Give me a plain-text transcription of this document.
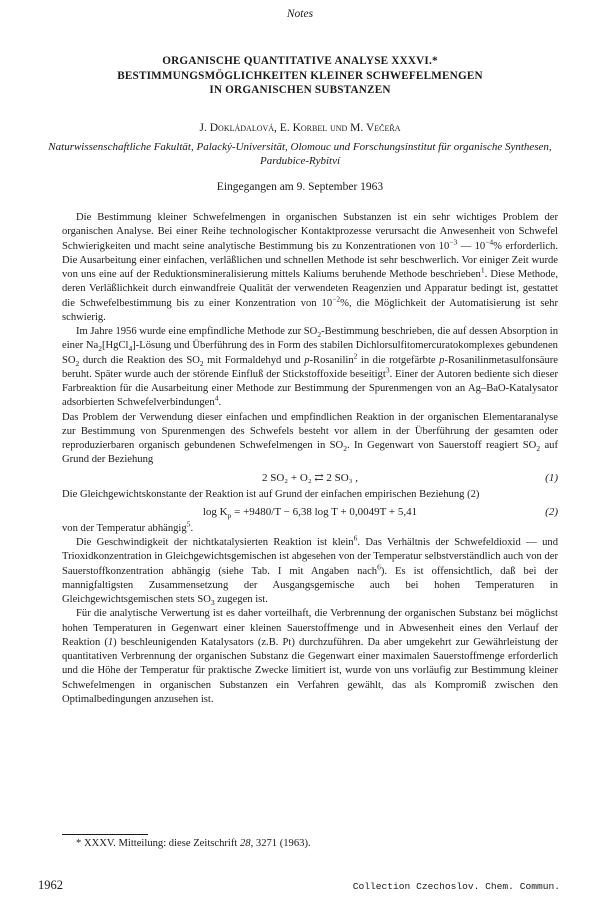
Notes
ORGANISCHE QUANTITATIVE ANALYSE XXXVI.*
BESTIMMUNGSMÖGLICHKEITEN KLEINER SCHWEFELMENGEN
IN ORGANISCHEN SUBSTANZEN
J. Dokládalová, E. Korbel und M. Večeřa
Naturwissenschaftliche Fakultät, Palacký-Universität, Olomouc und Forschungsinstitut für organische Synthesen, Pardubice-Rybitví
Eingegangen am 9. September 1963

Die Bestimmung kleiner Schwefelmengen in organischen Substanzen ist ein sehr wichtiges Problem der organischen Analyse. Bei einer Reihe technologischer Kontaktprozesse verursacht die Anwesenheit von Schwefel Schwierigkeiten und macht seine analytische Bestimmung bis zu Konzentrationen von $10^{-3}$ — $10^{-4}\%$ erforderlich. Die Ausarbeitung einer einfachen, verläßlichen und schnellen Methode ist sehr beschwerlich. Vor einiger Zeit wurde von uns eine auf der Reduktionsmineralisierung mittels Kaliums beruhende Methode beschrieben$^1$. Diese Methode, deren Verläßlichkeit durch einwandfreie Qualität der verwendeten Reagenzien und Apparatur bedingt ist, gestattet die Schwefelbestimmung bis zu einer Konzentration von $10^{-2}\%$, die Möglichkeit der Automatisierung ist sehr schwierig.

Im Jahre 1956 wurde eine empfindliche Methode zur $SO_2$-Bestimmung beschrieben, die auf dessen Absorption in einer $Na_2[HgCl_4]$-Lösung und Überführung des in Form des stabilen Dichlorsulfitomercuratokomplexes gebundenen $SO_2$ durch die Reaktion des $SO_2$ mit Formaldehyd und p-Rosanilin$^2$ in die rotgefärbte p-Rosanilinmetasulfonsäure beruht. Später wurde auch der störende Einfluß der Stickstoffoxide beseitigt$^3$. Einer der Autoren bediente sich dieser Farbreaktion für die Ausarbeitung einer Methode zur Bestimmung der Spurenmengen von an Ag–BaO-Katalysator adsorbierten Schwefelverbindungen$^4$.

Das Problem der Verwendung dieser einfachen und empfindlichen Reaktion in der organischen Elementaranalyse zur Bestimmung von Spurenmengen des Schwefels besteht vor allem in der Überführung der gesamten oder reproduzierbaren organisch gebundenen Schwefelmengen in $SO_2$. In Gegenwart von Sauerstoff reagiert $SO_2$ auf Grund der Beziehung

2 SO₂ + O₂ ⇄ 2 SO₃ ,	(1)

Die Gleichgewichtskonstante der Reaktion ist auf Grund der einfachen empirischen Beziehung (2)

$\log K_p = +9480/T - 6,38$ log T + 0,0049T + 5,41	(2)

von der Temperatur abhängig$^5$.

Die Geschwindigkeit der nichtkatalysierten Reaktion ist klein$^6$. Das Verhältnis der Schwefeldioxid — und Trioxidkonzentration in Gleichgewichtsgemischen ist abgesehen von der Temperatur selbstverständlich auch von der Sauerstoffkonzentration abhängig (siehe Tab. I mit Angaben nach$^6$). Es ist offensichtlich, daß bei der mannigfaltigsten Zusammensetzung der Ausgangsgemische auch bei hohen Temperaturen in Gleichgewichtsgemischen stets $SO_3$ zugegen ist.

Für die analytische Verwertung ist es daher vorteilhaft, die Verbrennung der organischen Substanz bei möglichst hohen Temperaturen in Gegenwart einer kleinen Sauerstoffmenge und in Abwesenheit eines den Verlauf der Reaktion (1) beschleunigenden Katalysators (z.B. Pt) durchzuführen. Da aber umgekehrt zur Gewährleistung der quantitativen Verbrennung der organischen Substanz die Gegenwart einer maximalen Sauerstoffmenge erforderlich und die Höhe der Temperatur für praktische Zwecke limitiert ist, wurde von uns vorläufig zur Bestimmung kleiner Schwefelmengen in organischen Substanzen ein Verfahren gewählt, das als Kompromiß zwischen den Optimalbedingungen anzusehen ist.

* XXXV. Mitteilung: diese Zeitschrift 28, 3271 (1963).
1962	Collection Czechoslov. Chem. Commun.
